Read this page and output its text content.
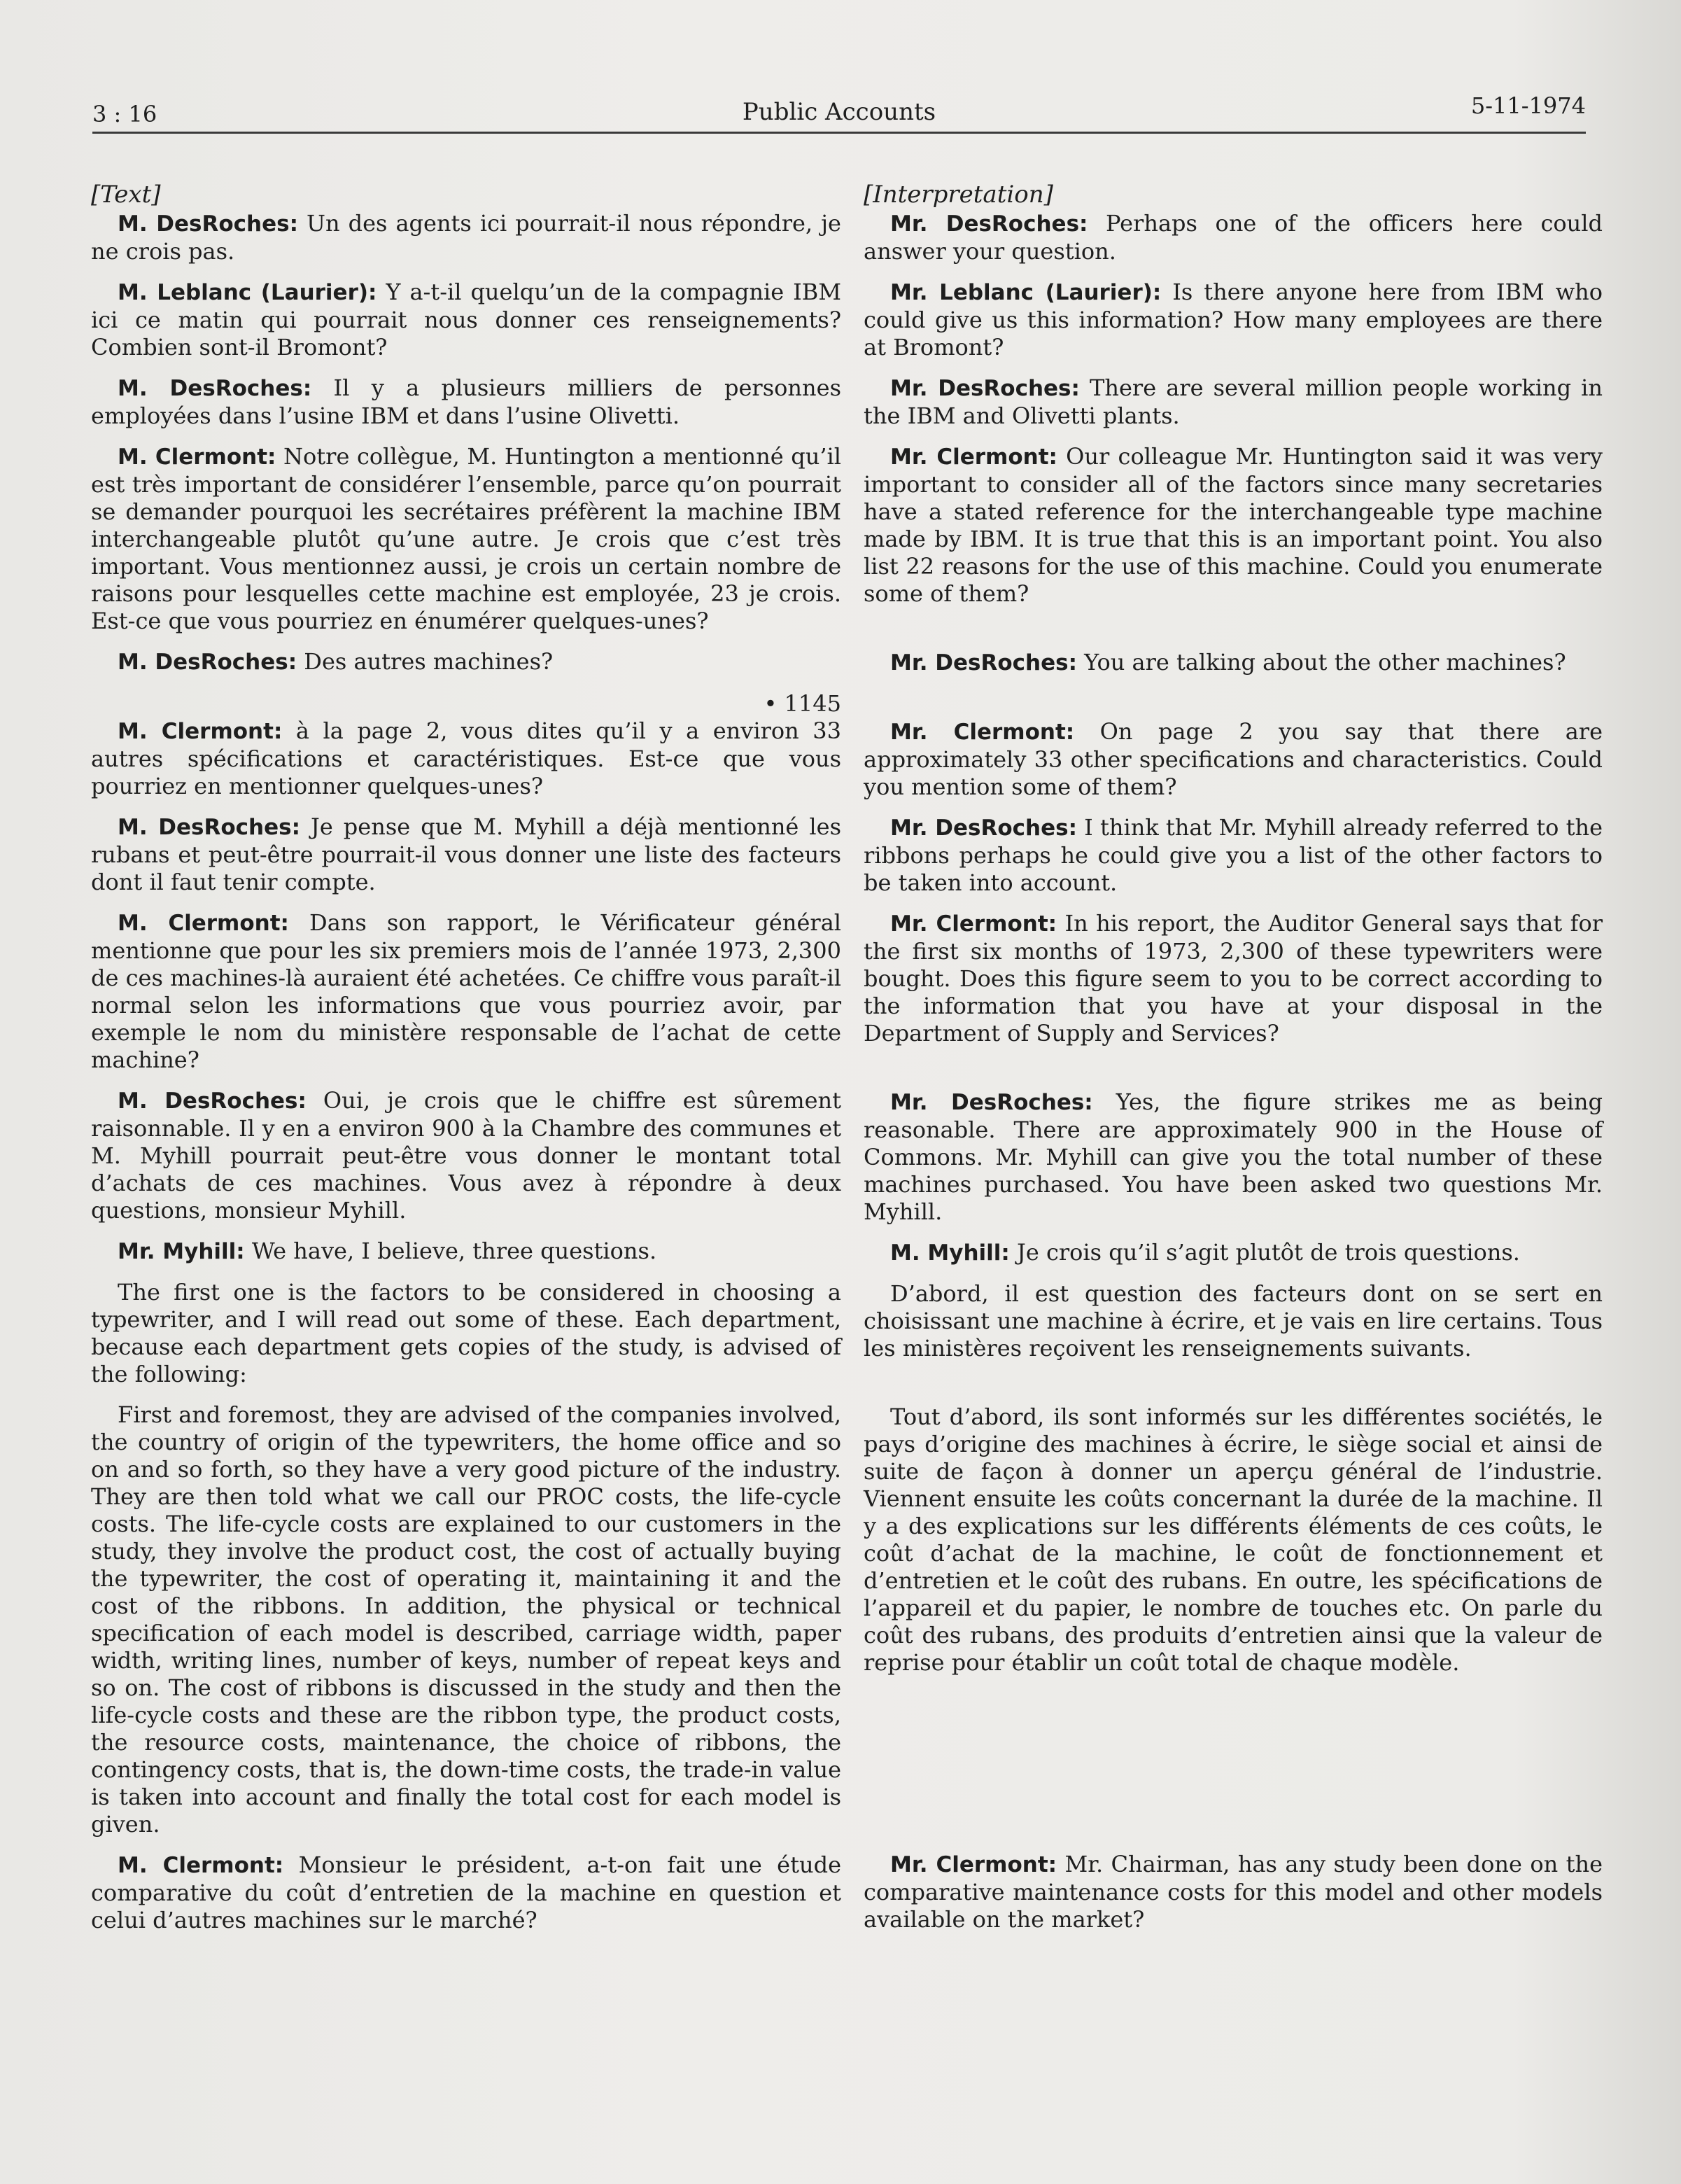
3 : 16	Public Accounts	5-11-1974
[Text]

M. DesRoches: Un des agents ici pourrait-il nous répondre, je ne crois pas.

M. Leblanc (Laurier): Y a-t-il quelqu’un de la compagnie IBM ici ce matin qui pourrait nous donner ces renseignements? Combien sont-il Bromont?

M. DesRoches: Il y a plusieurs milliers de personnes employées dans l’usine IBM et dans l’usine Olivetti.

M. Clermont: Notre collègue, M. Huntington a mentionné qu’il est très important de considérer l’ensemble, parce qu’on pourrait se demander pourquoi les secrétaires préfèrent la machine IBM interchangeable plutôt qu’une autre. Je crois que c’est très important. Vous mentionnez aussi, je crois un certain nombre de raisons pour lesquelles cette machine est employée, 23 je crois. Est-ce que vous pourriez en énumérer quelques-unes?

M. DesRoches: Des autres machines?

• 1145

M. Clermont: à la page 2, vous dites qu’il y a environ 33 autres spécifications et caractéristiques. Est-ce que vous pourriez en mentionner quelques-unes?

M. DesRoches: Je pense que M. Myhill a déjà mentionné les rubans et peut-être pourrait-il vous donner une liste des facteurs dont il faut tenir compte.

M. Clermont: Dans son rapport, le Vérificateur général mentionne que pour les six premiers mois de l’année 1973, 2,300 de ces machines-là auraient été achetées. Ce chiffre vous paraît-il normal selon les informations que vous pourriez avoir, par exemple le nom du ministère responsable de l’achat de cette machine?

M. DesRoches: Oui, je crois que le chiffre est sûrement raisonnable. Il y en a environ 900 à la Chambre des communes et M. Myhill pourrait peut-être vous donner le montant total d’achats de ces machines. Vous avez à répondre à deux questions, monsieur Myhill.

Mr. Myhill: We have, I believe, three questions.

The first one is the factors to be considered in choosing a typewriter, and I will read out some of these. Each department, because each department gets copies of the study, is advised of the following:

First and foremost, they are advised of the companies involved, the country of origin of the typewriters, the home office and so on and so forth, so they have a very good picture of the industry. They are then told what we call our PROC costs, the life-cycle costs. The life-cycle costs are explained to our customers in the study, they involve the product cost, the cost of actually buying the typewriter, the cost of operating it, maintaining it and the cost of the ribbons. In addition, the physical or technical specification of each model is described, carriage width, paper width, writing lines, number of keys, number of repeat keys and so on. The cost of ribbons is discussed in the study and then the life-cycle costs and these are the ribbon type, the product costs, the resource costs, maintenance, the choice of ribbons, the contingency costs, that is, the down-time costs, the trade-in value is taken into account and finally the total cost for each model is given.

M. Clermont: Monsieur le président, a-t-on fait une étude comparative du coût d’entretien de la machine en question et celui d’autres machines sur le marché?

[Interpretation]

Mr. DesRoches: Perhaps one of the officers here could answer your question.

Mr. Leblanc (Laurier): Is there anyone here from IBM who could give us this information? How many employees are there at Bromont?

Mr. DesRoches: There are several million people working in the IBM and Olivetti plants.

Mr. Clermont: Our colleague Mr. Huntington said it was very important to consider all of the factors since many secretaries have a stated reference for the interchangeable type machine made by IBM. It is true that this is an important point. You also list 22 reasons for the use of this machine. Could you enumerate some of them?

Mr. DesRoches: You are talking about the other machines?

Mr. Clermont: On page 2 you say that there are approximately 33 other specifications and characteristics. Could you mention some of them?

Mr. DesRoches: I think that Mr. Myhill already referred to the ribbons perhaps he could give you a list of the other factors to be taken into account.

Mr. Clermont: In his report, the Auditor General says that for the first six months of 1973, 2,300 of these typewriters were bought. Does this figure seem to you to be correct according to the information that you have at your disposal in the Department of Supply and Services?

Mr. DesRoches: Yes, the figure strikes me as being reasonable. There are approximately 900 in the House of Commons. Mr. Myhill can give you the total number of these machines purchased. You have been asked two questions Mr. Myhill.

M. Myhill: Je crois qu’il s’agit plutôt de trois questions.

D’abord, il est question des facteurs dont on se sert en choisissant une machine à écrire, et je vais en lire certains. Tous les ministères reçoivent les renseignements suivants.

Tout d’abord, ils sont informés sur les différentes sociétés, le pays d’origine des machines à écrire, le siège social et ainsi de suite de façon à donner un aperçu général de l’industrie. Viennent ensuite les coûts concernant la durée de la machine. Il y a des explications sur les différents éléments de ces coûts, le coût d’achat de la machine, le coût de fonctionnement et d’entretien et le coût des rubans. En outre, les spécifications de l’appareil et du papier, le nombre de touches etc. On parle du coût des rubans, des produits d’entretien ainsi que la valeur de reprise pour établir un coût total de chaque modèle.

Mr. Clermont: Mr. Chairman, has any study been done on the comparative maintenance costs for this model and other models available on the market?
